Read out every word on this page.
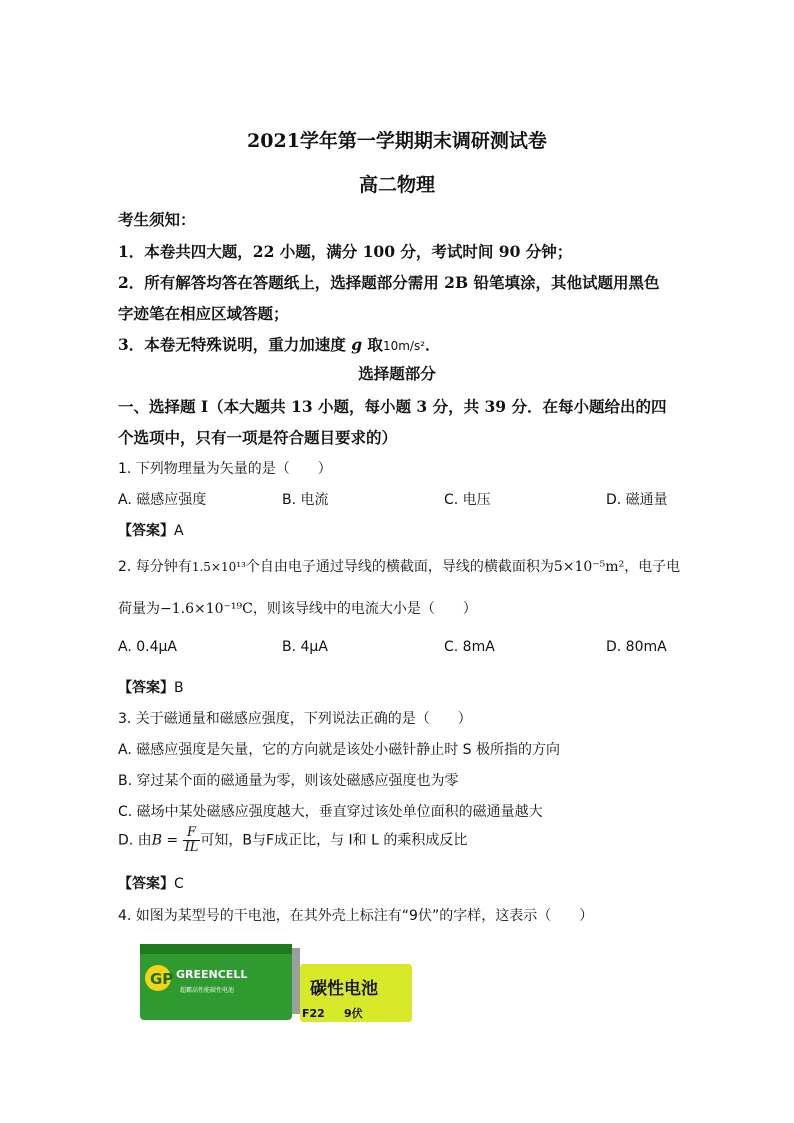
2021学年第一学期期末调研测试卷
高二物理
考生须知：
1．本卷共四大题，22 小题，满分 100 分，考试时间 90 分钟；
2．所有解答均答在答题纸上，选择题部分需用 2B 铅笔填涂，其他试题用黑色
字迹笔在相应区域答题；
3．本卷无特殊说明，重力加速度 g 取10m/s²．
选择题部分
一、选择题 I（本大题共 13 小题，每小题 3 分，共 39 分．在每小题给出的四
个选项中，只有一项是符合题目要求的）
1. 下列物理量为矢量的是（　　）
A. 磁感应强度	B. 电流	C. 电压	D. 磁通量
【答案】A
2. 每分钟有1.5×10¹³个自由电子通过导线的横截面，导线的横截面积为5×10⁻⁵m²，电子电
荷量为−1.6×10⁻¹⁹C，则该导线中的电流大小是（　　）
A. 0.4μA	B. 4μA	C. 8mA	D. 80mA
【答案】B
3. 关于磁通量和磁感应强度，下列说法正确的是（　　）
A. 磁感应强度是矢量，它的方向就是该处小磁针静止时 S 极所指的方向
B. 穿过某个面的磁通量为零，则该处磁感应强度也为零
C. 磁场中某处磁感应强度越大，垂直穿过该处单位面积的磁通量越大
D. 由$B = \frac{F}{IL}$ 可知，B与F成正比，与 I和 L 的乘积成反比
【答案】C
4. 如图为某型号的干电池，在其外壳上标注有“9伏”的字样，这表示（　　）
GP GREENCELL
超霸高性能碳性电池	碳性电池
F22 9伏
